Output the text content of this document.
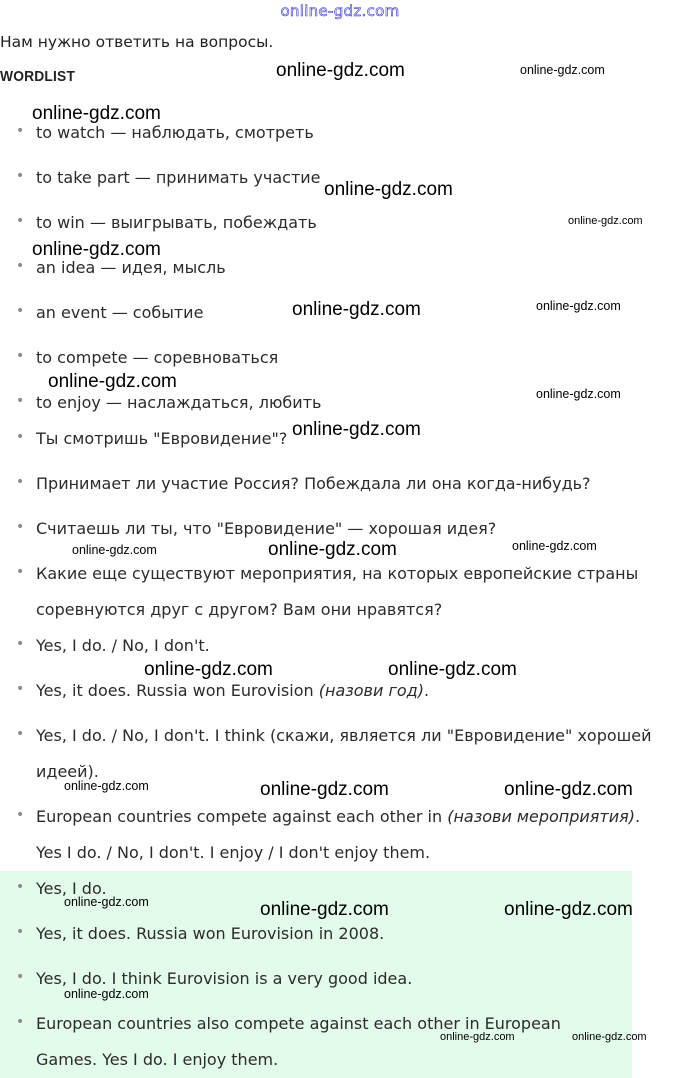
online-gdz.com
Нам нужно ответить на вопросы.
WORDLIST
• to watch — наблюдать, смотреть
• to take part — принимать участие
• to win — выигрывать, побеждать
• an idea — идея, мысль
• an event — событие
• to compete — соревноваться
• to enjoy — наслаждаться, любить
• Ты смотришь "Евровидение"?
• Принимает ли участие Россия? Побеждала ли она когда-нибудь?
• Считаешь ли ты, что "Евровидение" — хорошая идея?
• Какие еще существуют мероприятия, на которых европейские страны
соревнуются друг с другом? Вам они нравятся?
• Yes, I do. / No, I don't.
• Yes, it does. Russia won Eurovision (назови год).
• Yes, I do. / No, I don't. I think (скажи, является ли "Евровидение" хорошей
идеей).
• European countries compete against each other in (назови мероприятия).
Yes I do. / No, I don't. I enjoy / I don't enjoy them.
• Yes, I do.
• Yes, it does. Russia won Eurovision in 2008.
• Yes, I do. I think Eurovision is a very good idea.
• European countries also compete against each other in European
Games. Yes I do. I enjoy them.
online-gdz.com	online-gdz.com
online-gdz.com
online-gdz.com
online-gdz.com
online-gdz.com
online-gdz.com	online-gdz.com
online-gdz.com
online-gdz.com
online-gdz.com
online-gdz.com	online-gdz.com	online-gdz.com
online-gdz.com	online-gdz.com
online-gdz.com	online-gdz.com	online-gdz.com
online-gdz.com	online-gdz.com	online-gdz.com
online-gdz.com
online-gdz.com	online-gdz.com
